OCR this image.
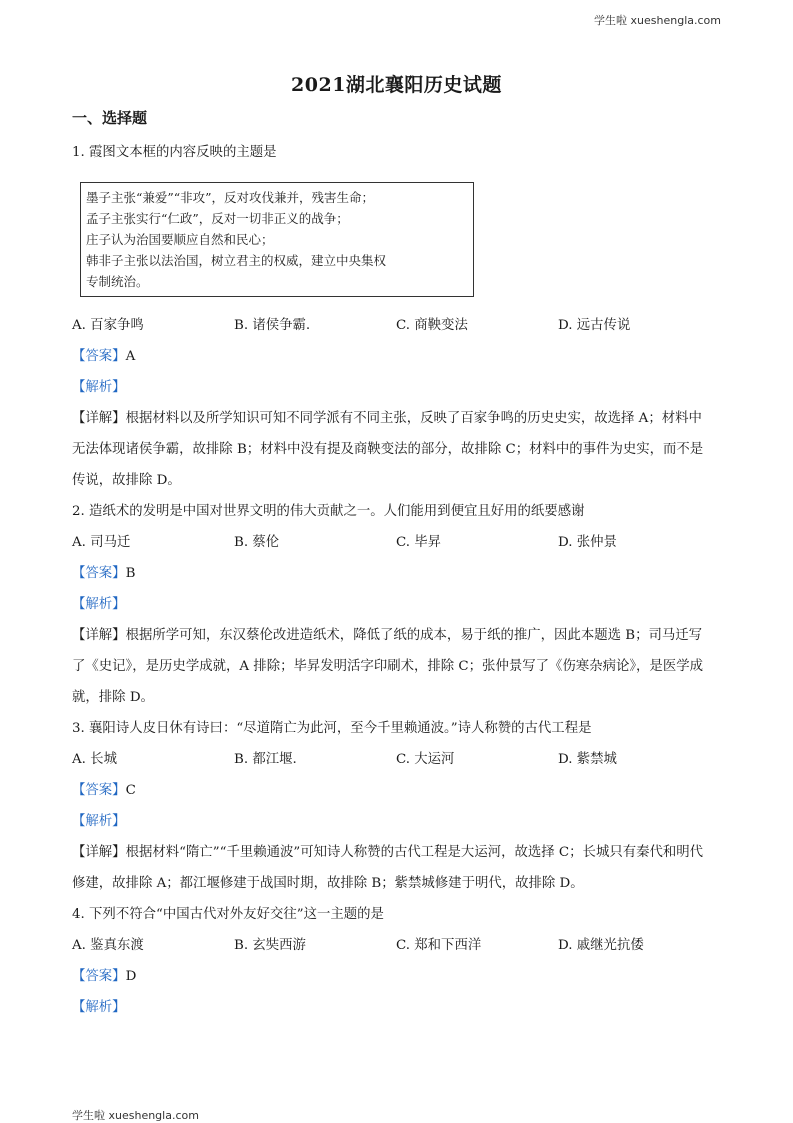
学生啦 xueshengla.com
2021湖北襄阳历史试题
一、选择题
1. 霞图文本框的内容反映的主题是
墨子主张“兼爱”“非攻”，反对攻伐兼并，残害生命；
孟子主张实行“仁政”，反对一切非正义的战争；
庄子认为治国要顺应自然和民心；
韩非子主张以法治国，树立君主的权威，建立中央集权
专制统治。
A. 百家争鸣	B. 诸侯争霸.	C. 商鞅变法	D. 远古传说
【答案】A
【解析】
【详解】根据材料以及所学知识可知不同学派有不同主张，反映了百家争鸣的历史史实，故选择 A；材料中
无法体现诸侯争霸，故排除 B；材料中没有提及商鞅变法的部分，故排除 C；材料中的事件为史实，而不是
传说，故排除 D。
2. 造纸术的发明是中国对世界文明的伟大贡献之一。人们能用到便宜且好用的纸要感谢
A. 司马迁	B. 蔡伦	C. 毕昇	D. 张仲景
【答案】B
【解析】
【详解】根据所学可知，东汉蔡伦改进造纸术，降低了纸的成本，易于纸的推广，因此本题选 B；司马迁写
了《史记》，是历史学成就，A 排除；毕昇发明活字印刷术，排除 C；张仲景写了《伤寒杂病论》，是医学成
就，排除 D。
3. 襄阳诗人皮日休有诗曰：“尽道隋亡为此河，至今千里赖通波。”诗人称赞的古代工程是
A. 长城	B. 都江堰.	C. 大运河	D. 紫禁城
【答案】C
【解析】
【详解】根据材料“隋亡”“千里赖通波”可知诗人称赞的古代工程是大运河，故选择 C；长城只有秦代和明代
修建，故排除 A；都江堰修建于战国时期，故排除 B；紫禁城修建于明代，故排除 D。
4. 下列不符合“中国古代对外友好交往”这一主题的是
A. 鉴真东渡	B. 玄奘西游	C. 郑和下西洋	D. 戚继光抗倭
【答案】D
【解析】
学生啦 xueshengla.com
